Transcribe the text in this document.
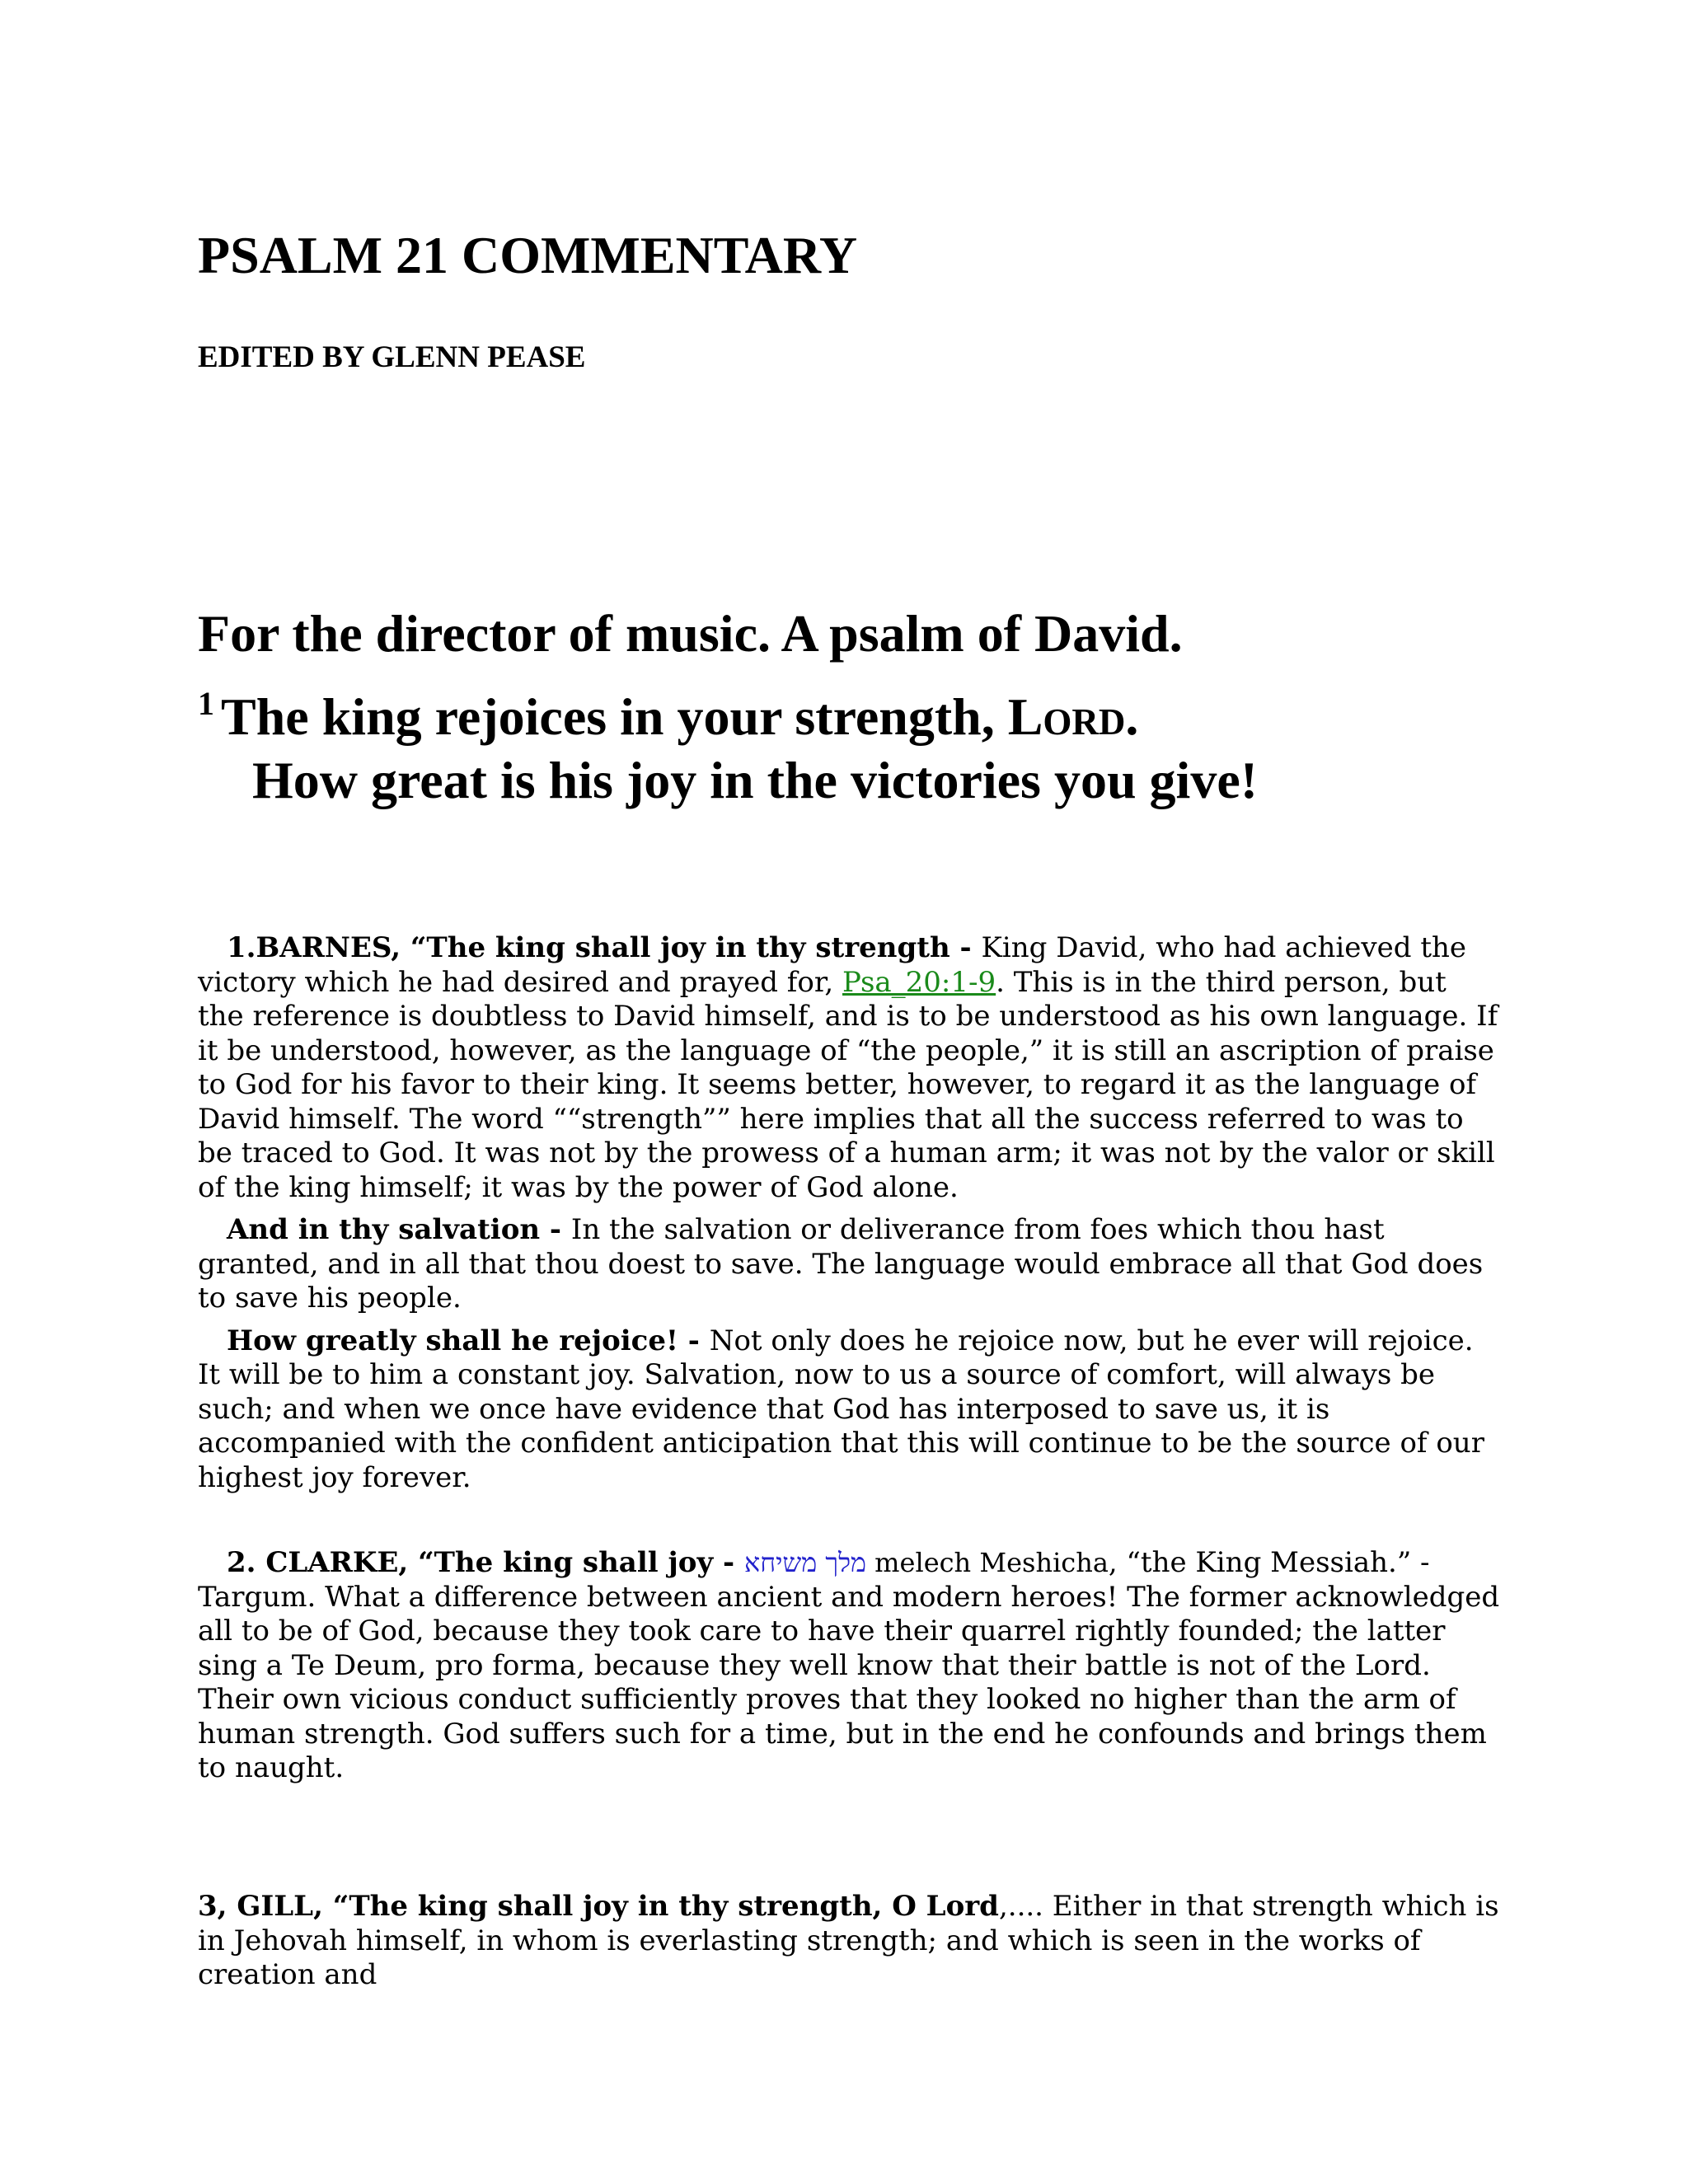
PSALM 21 COMMENTARY
EDITED BY GLENN PEASE
For the director of music. A psalm of David.
$^1$ The king rejoices in your strength, Lord.
How great is his joy in the victories you give!

1.BARNES, “The king shall joy in thy strength - King David, who had achieved the victory which he had desired and prayed for, Psa_20:1-9. This is in the third person, but the reference is doubtless to David himself, and is to be understood as his own language. If it be understood, however, as the language of “the people,” it is still an ascription of praise to God for his favor to their king. It seems better, however, to regard it as the language of David himself. The word ““strength”” here implies that all the success referred to was to be traced to God. It was not by the prowess of a human arm; it was not by the valor or skill of the king himself; it was by the power of God alone.

And in thy salvation - In the salvation or deliverance from foes which thou hast granted, and in all that thou doest to save. The language would embrace all that God does to save his people.

How greatly shall he rejoice! - Not only does he rejoice now, but he ever will rejoice. It will be to him a constant joy. Salvation, now to us a source of comfort, will always be such; and when we once have evidence that God has interposed to save us, it is accompanied with the confident anticipation that this will continue to be the source of our highest joy forever.

2. CLARKE, “The king shall joy - מלך משיחא melech Meshicha, “the King Messiah.” - Targum. What a difference between ancient and modern heroes! The former acknowledged all to be of God, because they took care to have their quarrel rightly founded; the latter sing a Te Deum, pro forma, because they well know that their battle is not of the Lord. Their own vicious conduct sufficiently proves that they looked no higher than the arm of human strength. God suffers such for a time, but in the end he confounds and brings them to naught.

3, GILL, “The king shall joy in thy strength, O Lord,.... Either in that strength which is in Jehovah himself, in whom is everlasting strength; and which is seen in the works of creation and
